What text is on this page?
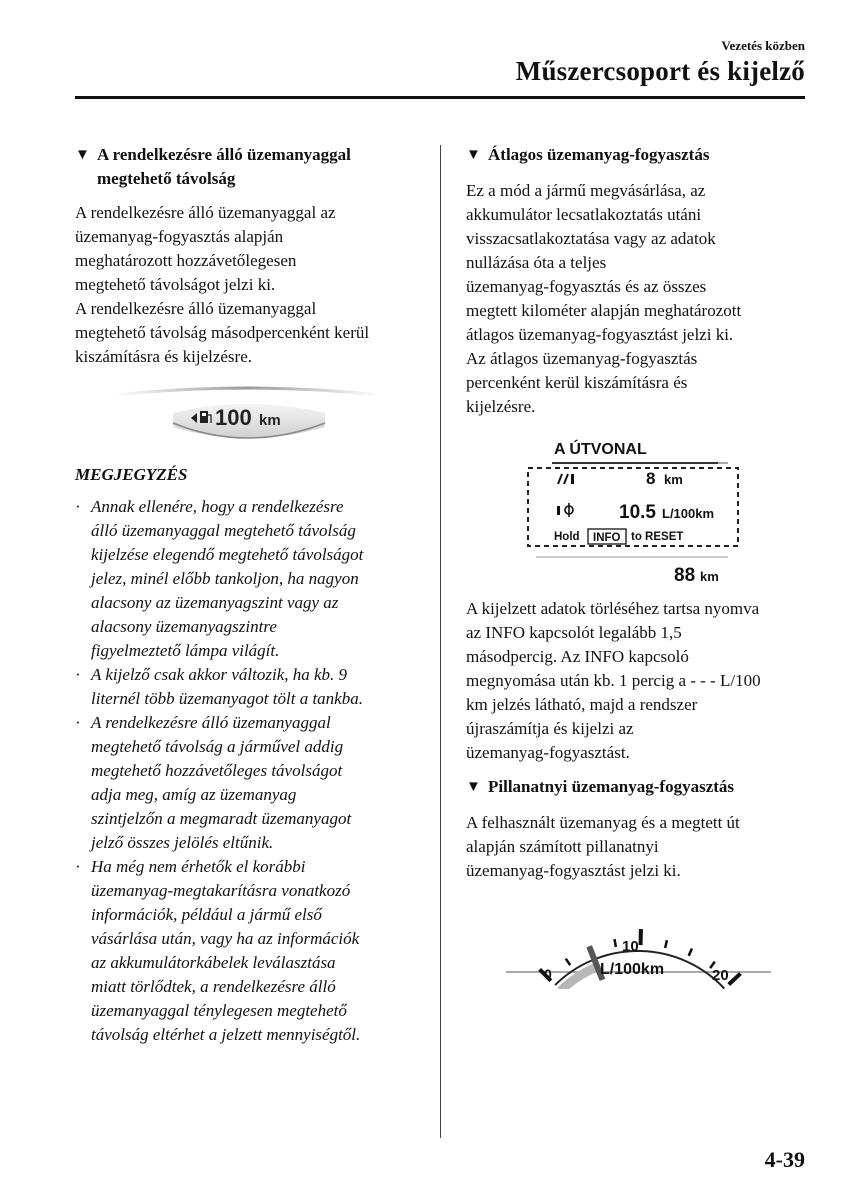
Vezetés közben
Műszercsoport és kijelző
▼ A rendelkezésre álló üzemanyaggal
megtehető távolság
A rendelkezésre álló üzemanyaggal az
üzemanyag-fogyasztás alapján
meghatározott hozzávetőlegesen
megtehető távolságot jelzi ki.
A rendelkezésre álló üzemanyaggal
megtehető távolság másodpercenként kerül
kiszámításra és kijelzésre.
100 km
MEGJEGYZÉS
· Annak ellenére, hogy a rendelkezésre
álló üzemanyaggal megtehető távolság
kijelzése elegendő megtehető távolságot
jelez, minél előbb tankoljon, ha nagyon
alacsony az üzemanyagszint vagy az
alacsony üzemanyagszintre
figyelmeztető lámpa világít.
· A kijelző csak akkor változik, ha kb. 9
liternél több üzemanyagot tölt a tankba.
· A rendelkezésre álló üzemanyaggal
megtehető távolság a járművel addig
megtehető hozzávetőleges távolságot
adja meg, amíg az üzemanyag
szintjelzőn a megmaradt üzemanyagot
jelző összes jelölés eltűnik.
· Ha még nem érhetők el korábbi
üzemanyag-megtakarításra vonatkozó
információk, például a jármű első
vásárlása után, vagy ha az információk
az akkumulátorkábelek leválasztása
miatt törlődtek, a rendelkezésre álló
üzemanyaggal ténylegesen megtehető
távolság eltérhet a jelzett mennyiségtől.
▼ Átlagos üzemanyag-fogyasztás
Ez a mód a jármű megvásárlása, az
akkumulátor lecsatlakoztatás utáni
visszacsatlakoztatása vagy az adatok
nullázása óta a teljes
üzemanyag-fogyasztás és az összes
megtett kilométer alapján meghatározott
átlagos üzemanyag-fogyasztást jelzi ki.
Az átlagos üzemanyag-fogyasztás
percenként kerül kiszámításra és
kijelzésre.
A ÚTVONAL
8 km
10.5 L/100km
Hold INFO to RESET
88 km
A kijelzett adatok törléséhez tartsa nyomva
az INFO kapcsolót legalább 1,5
másodpercig. Az INFO kapcsoló
megnyomása után kb. 1 percig a - - - L/100
km jelzés látható, majd a rendszer
újraszámítja és kijelzi az
üzemanyag-fogyasztást.
▼ Pillanatnyi üzemanyag-fogyasztás
A felhasznált üzemanyag és a megtett út
alapján számított pillanatnyi
üzemanyag-fogyasztást jelzi ki.
0
10
20
L/100km
4-39
